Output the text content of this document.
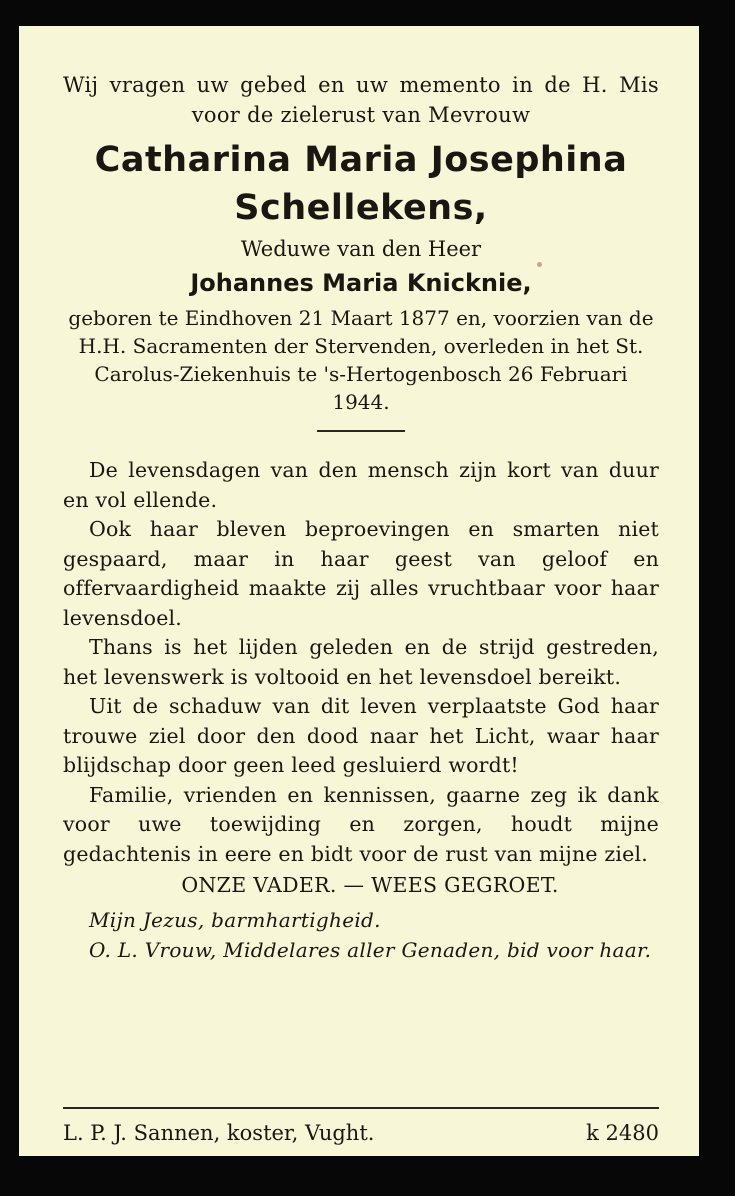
Wij vragen uw gebed en uw memento in de H. Mis voor de zielerust van Mevrouw

Catharina Maria Josephina
Schellekens,
Weduwe van den Heer
Johannes Maria Knicknie,

geboren te Eindhoven 21 Maart 1877 en, voorzien van de H.H. Sacramenten der Stervenden, overleden in het St. Carolus-Ziekenhuis te 's-Hertogenbosch 26 Februari 1944.

De levensdagen van den mensch zijn kort van duur en vol ellende.

Ook haar bleven beproevingen en smarten niet gespaard, maar in haar geest van geloof en offervaardigheid maakte zij alles vruchtbaar voor haar levensdoel.

Thans is het lijden geleden en de strijd gestreden, het levenswerk is voltooid en het levensdoel bereikt.

Uit de schaduw van dit leven verplaatste God haar trouwe ziel door den dood naar het Licht, waar haar blijdschap door geen leed gesluierd wordt!

Familie, vrienden en kennissen, gaarne zeg ik dank voor uwe toewijding en zorgen, houdt mijne gedachtenis in eere en bidt voor de rust van mijne ziel.

ONZE VADER. — WEES GEGROET.

Mijn Jezus, barmhartigheid.

O. L. Vrouw, Middelares aller Genaden, bid voor haar.

L. P. J. Sannen, koster, Vught.	k 2480
